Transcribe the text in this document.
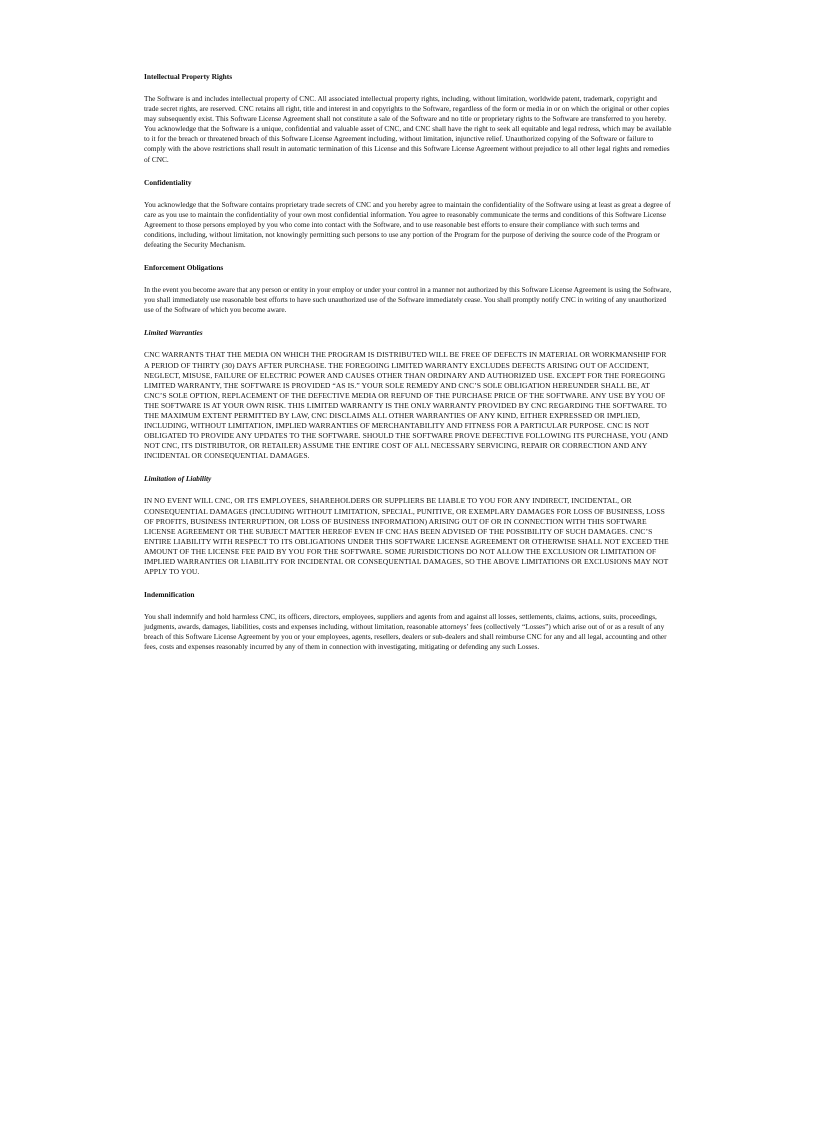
Intellectual Property Rights
The Software is and includes intellectual property of CNC. All associated intellectual property rights, including, without limitation, worldwide patent, trademark, copyright and trade secret rights, are reserved. CNC retains all right, title and interest in and copyrights to the Software, regardless of the form or media in or on which the original or other copies may subsequently exist. This Software License Agreement shall not constitute a sale of the Software and no title or proprietary rights to the Software are transferred to you hereby. You acknowledge that the Software is a unique, confidential and valuable asset of CNC, and CNC shall have the right to seek all equitable and legal redress, which may be available to it for the breach or threatened breach of this Software License Agreement including, without limitation, injunctive relief. Unauthorized copying of the Software or failure to comply with the above restrictions shall result in automatic termination of this License and this Software License Agreement without prejudice to all other legal rights and remedies of CNC.
Confidentiality
You acknowledge that the Software contains proprietary trade secrets of CNC and you hereby agree to maintain the confidentiality of the Software using at least as great a degree of care as you use to maintain the confidentiality of your own most confidential information. You agree to reasonably communicate the terms and conditions of this Software License Agreement to those persons employed by you who come into contact with the Software, and to use reasonable best efforts to ensure their compliance with such terms and conditions, including, without limitation, not knowingly permitting such persons to use any portion of the Program for the purpose of deriving the source code of the Program or defeating the Security Mechanism.
Enforcement Obligations
In the event you become aware that any person or entity in your employ or under your control in a manner not authorized by this Software License Agreement is using the Software, you shall immediately use reasonable best efforts to have such unauthorized use of the Software immediately cease. You shall promptly notify CNC in writing of any unauthorized use of the Software of which you become aware.
Limited Warranties
CNC WARRANTS THAT THE MEDIA ON WHICH THE PROGRAM IS DISTRIBUTED WILL BE FREE OF DEFECTS IN MATERIAL OR WORKMANSHIP FOR A PERIOD OF THIRTY (30) DAYS AFTER PURCHASE. THE FOREGOING LIMITED WARRANTY EXCLUDES DEFECTS ARISING OUT OF ACCIDENT, NEGLECT, MISUSE, FAILURE OF ELECTRIC POWER AND CAUSES OTHER THAN ORDINARY AND AUTHORIZED USE. EXCEPT FOR THE FOREGOING LIMITED WARRANTY, THE SOFTWARE IS PROVIDED “AS IS.” YOUR SOLE REMEDY AND CNC’S SOLE OBLIGATION HEREUNDER SHALL BE, AT CNC’S SOLE OPTION, REPLACEMENT OF THE DEFECTIVE MEDIA OR REFUND OF THE PURCHASE PRICE OF THE SOFTWARE. ANY USE BY YOU OF THE SOFTWARE IS AT YOUR OWN RISK. THIS LIMITED WARRANTY IS THE ONLY WARRANTY PROVIDED BY CNC REGARDING THE SOFTWARE. TO THE MAXIMUM EXTENT PERMITTED BY LAW, CNC DISCLAIMS ALL OTHER WARRANTIES OF ANY KIND, EITHER EXPRESSED OR IMPLIED, INCLUDING, WITHOUT LIMITATION, IMPLIED WARRANTIES OF MERCHANTABILITY AND FITNESS FOR A PARTICULAR PURPOSE. CNC IS NOT OBLIGATED TO PROVIDE ANY UPDATES TO THE SOFTWARE. SHOULD THE SOFTWARE PROVE DEFECTIVE FOLLOWING ITS PURCHASE, YOU (AND NOT CNC, ITS DISTRIBUTOR, OR RETAILER) ASSUME THE ENTIRE COST OF ALL NECESSARY SERVICING, REPAIR OR CORRECTION AND ANY INCIDENTAL OR CONSEQUENTIAL DAMAGES.
Limitation of Liability
IN NO EVENT WILL CNC, OR ITS EMPLOYEES, SHAREHOLDERS OR SUPPLIERS BE LIABLE TO YOU FOR ANY INDIRECT, INCIDENTAL, OR CONSEQUENTIAL DAMAGES (INCLUDING WITHOUT LIMITATION, SPECIAL, PUNITIVE, OR EXEMPLARY DAMAGES FOR LOSS OF BUSINESS, LOSS OF PROFITS, BUSINESS INTERRUPTION, OR LOSS OF BUSINESS INFORMATION) ARISING OUT OF OR IN CONNECTION WITH THIS SOFTWARE LICENSE AGREEMENT OR THE SUBJECT MATTER HEREOF EVEN IF CNC HAS BEEN ADVISED OF THE POSSIBILITY OF SUCH DAMAGES. CNC’S ENTIRE LIABILITY WITH RESPECT TO ITS OBLIGATIONS UNDER THIS SOFTWARE LICENSE AGREEMENT OR OTHERWISE SHALL NOT EXCEED THE AMOUNT OF THE LICENSE FEE PAID BY YOU FOR THE SOFTWARE. SOME JURISDICTIONS DO NOT ALLOW THE EXCLUSION OR LIMITATION OF IMPLIED WARRANTIES OR LIABILITY FOR INCIDENTAL OR CONSEQUENTIAL DAMAGES, SO THE ABOVE LIMITATIONS OR EXCLUSIONS MAY NOT APPLY TO YOU.
Indemnification
You shall indemnify and hold harmless CNC, its officers, directors, employees, suppliers and agents from and against all losses, settlements, claims, actions, suits, proceedings, judgments, awards, damages, liabilities, costs and expenses including, without limitation, reasonable attorneys’ fees (collectively “Losses”) which arise out of or as a result of any breach of this Software License Agreement by you or your employees, agents, resellers, dealers or sub-dealers and shall reimburse CNC for any and all legal, accounting and other fees, costs and expenses reasonably incurred by any of them in connection with investigating, mitigating or defending any such Losses.
